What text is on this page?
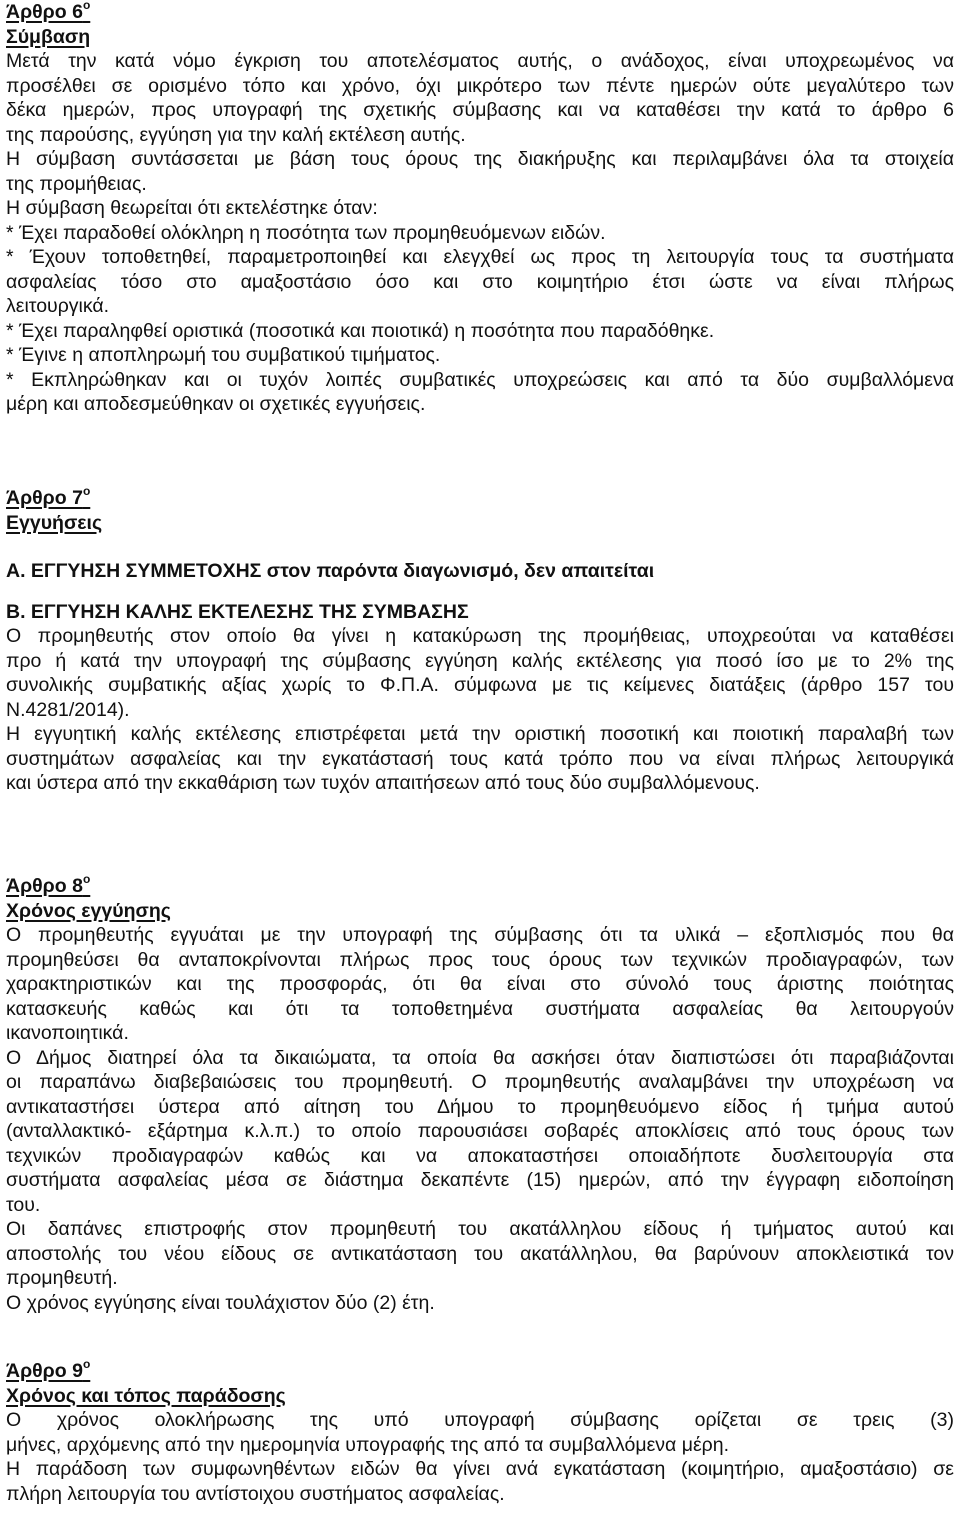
Άρθρο $6^o$
Σύμβαση
Μετά την κατά νόμο έγκριση του αποτελέσματος αυτής, ο ανάδοχος, είναι υποχρεωμένος να
προσέλθει σε ορισμένο τόπο και χρόνο, όχι μικρότερο των πέντε ημερών ούτε μεγαλύτερο των
δέκα ημερών, προς υπογραφή της σχετικής σύμβασης και να καταθέσει την κατά το άρθρο 6
της παρούσης, εγγύηση για την καλή εκτέλεση αυτής.
Η σύμβαση συντάσσεται με βάση τους όρους της διακήρυξης και περιλαμβάνει όλα τα στοιχεία
της προμήθειας.
Η σύμβαση θεωρείται ότι εκτελέστηκε όταν:
* Έχει παραδοθεί ολόκληρη η ποσότητα των προμηθευόμενων ειδών.
* Έχουν τοποθετηθεί, παραμετροποιηθεί και ελεγχθεί ως προς τη λειτουργία τους τα συστήματα
ασφαλείας τόσο στο αμαξοστάσιο όσο και στο κοιμητήριο έτσι ώστε να είναι πλήρως
λειτουργικά.
* Έχει παραληφθεί οριστικά (ποσοτικά και ποιοτικά) η ποσότητα που παραδόθηκε.
* Έγινε η αποπληρωμή του συμβατικού τιμήματος.
* Εκπληρώθηκαν και οι τυχόν λοιπές συμβατικές υποχρεώσεις και από τα δύο συμβαλλόμενα
μέρη και αποδεσμεύθηκαν οι σχετικές εγγυήσεις.
Άρθρο $7^o$
Εγγυήσεις
Α. ΕΓΓΥΗΣΗ ΣΥΜΜΕΤΟΧΗΣ στον παρόντα διαγωνισμό, δεν απαιτείται
Β. ΕΓΓΥΗΣΗ ΚΑΛΗΣ ΕΚΤΕΛΕΣΗΣ ΤΗΣ ΣΥΜΒΑΣΗΣ
Ο προμηθευτής στον οποίο θα γίνει η κατακύρωση της προμήθειας, υποχρεούται να καταθέσει
προ ή κατά την υπογραφή της σύμβασης εγγύηση καλής εκτέλεσης για ποσό ίσο με το 2% της
συνολικής συμβατικής αξίας χωρίς το Φ.Π.Α. σύμφωνα με τις κείμενες διατάξεις (άρθρο 157 του
Ν.4281/2014).
Η εγγυητική καλής εκτέλεσης επιστρέφεται μετά την οριστική ποσοτική και ποιοτική παραλαβή των
συστημάτων ασφαλείας και την εγκατάστασή τους κατά τρόπο που να είναι πλήρως λειτουργικά
και ύστερα από την εκκαθάριση των τυχόν απαιτήσεων από τους δύο συμβαλλόμενους.
Άρθρο $8^o$
Χρόνος εγγύησης
Ο προμηθευτής εγγυάται με την υπογραφή της σύμβασης ότι τα υλικά – εξοπλισμός που θα
προμηθεύσει θα ανταποκρίνονται πλήρως προς τους όρους των τεχνικών προδιαγραφών, των
χαρακτηριστικών και της προσφοράς, ότι θα είναι στο σύνολό τους άριστης ποιότητας
κατασκευής καθώς και ότι τα τοποθετημένα συστήματα ασφαλείας θα λειτουργούν
ικανοποιητικά.
Ο Δήμος διατηρεί όλα τα δικαιώματα, τα οποία θα ασκήσει όταν διαπιστώσει ότι παραβιάζονται
οι παραπάνω διαβεβαιώσεις του προμηθευτή. Ο προμηθευτής αναλαμβάνει την υποχρέωση να
αντικαταστήσει ύστερα από αίτηση του Δήμου το προμηθευόμενο είδος ή τμήμα αυτού
(ανταλλακτικό- εξάρτημα κ.λ.π.) το οποίο παρουσιάσει σοβαρές αποκλίσεις από τους όρους των
τεχνικών προδιαγραφών καθώς και να αποκαταστήσει οποιαδήποτε δυσλειτουργία στα
συστήματα ασφαλείας μέσα σε διάστημα δεκαπέντε (15) ημερών, από την έγγραφη ειδοποίηση
του.
Οι δαπάνες επιστροφής στον προμηθευτή του ακατάλληλου είδους ή τμήματος αυτού και
αποστολής του νέου είδους σε αντικατάσταση του ακατάλληλου, θα βαρύνουν αποκλειστικά τον
προμηθευτή.
Ο χρόνος εγγύησης είναι τουλάχιστον δύο (2) έτη.
Άρθρο $9^o$
Χρόνος και τόπος παράδοσης
Ο χρόνος ολοκλήρωσης της υπό υπογραφή σύμβασης ορίζεται σε τρεις (3)
μήνες, αρχόμενης από την ημερομηνία υπογραφής της από τα συμβαλλόμενα μέρη.
Η παράδοση των συμφωνηθέντων ειδών θα γίνει ανά εγκατάσταση (κοιμητήριο, αμαξοστάσιο) σε
πλήρη λειτουργία του αντίστοιχου συστήματος ασφαλείας.
